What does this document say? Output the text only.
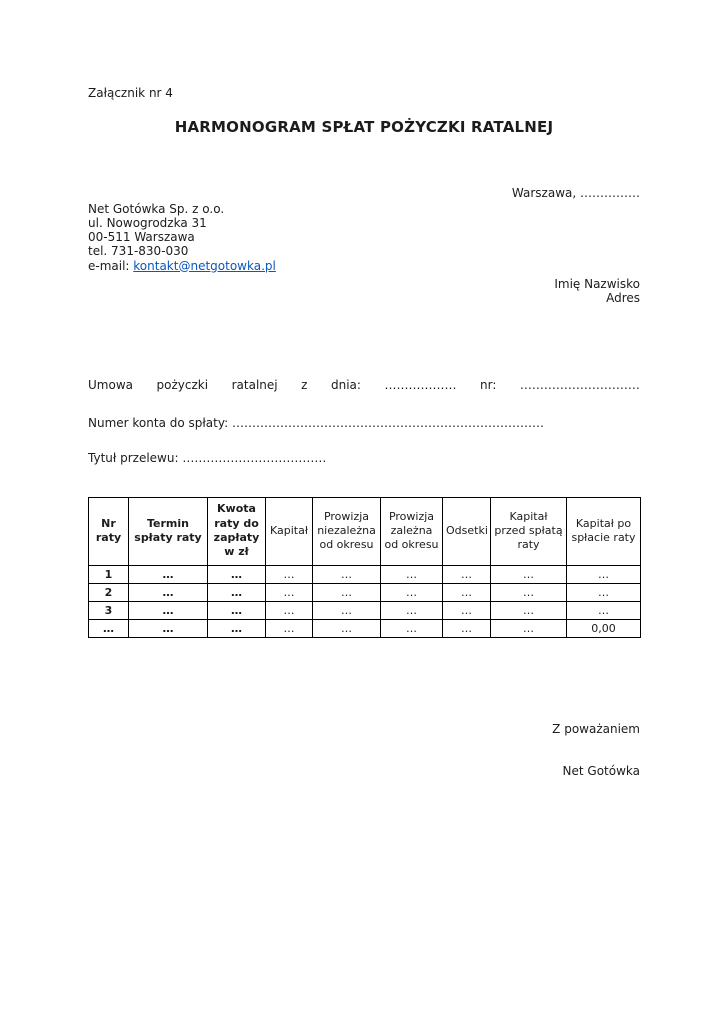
Załącznik nr 4
HARMONOGRAM SPŁAT POŻYCZKI RATALNEJ
Warszawa, ……………
Net Gotówka Sp. z o.o.
ul. Nowogrodzka 31
00-511 Warszawa
tel. 731-830-030
e-mail: kontakt@netgotowka.pl
Imię Nazwisko
Adres
Umowa pożyczki ratalnej z dnia: ……………… nr: …………………………
Numer konta do spłaty: ……………………………………………………………………
Tytuł przelewu: ………………………………
Nr raty	Termin spłaty raty	Kwota raty do zapłaty w zł	Kapitał	Prowizja niezależna od okresu	Prowizja zależna od okresu	Odsetki	Kapitał przed spłatą raty	Kapitał po spłacie raty
1	…	…	…	…	…	…	…	…
2	…	…	…	…	…	…	…	…
3	…	…	…	…	…	…	…	…
…	…	…	…	…	…	…	…	0,00
Z poważaniem
Net Gotówka
